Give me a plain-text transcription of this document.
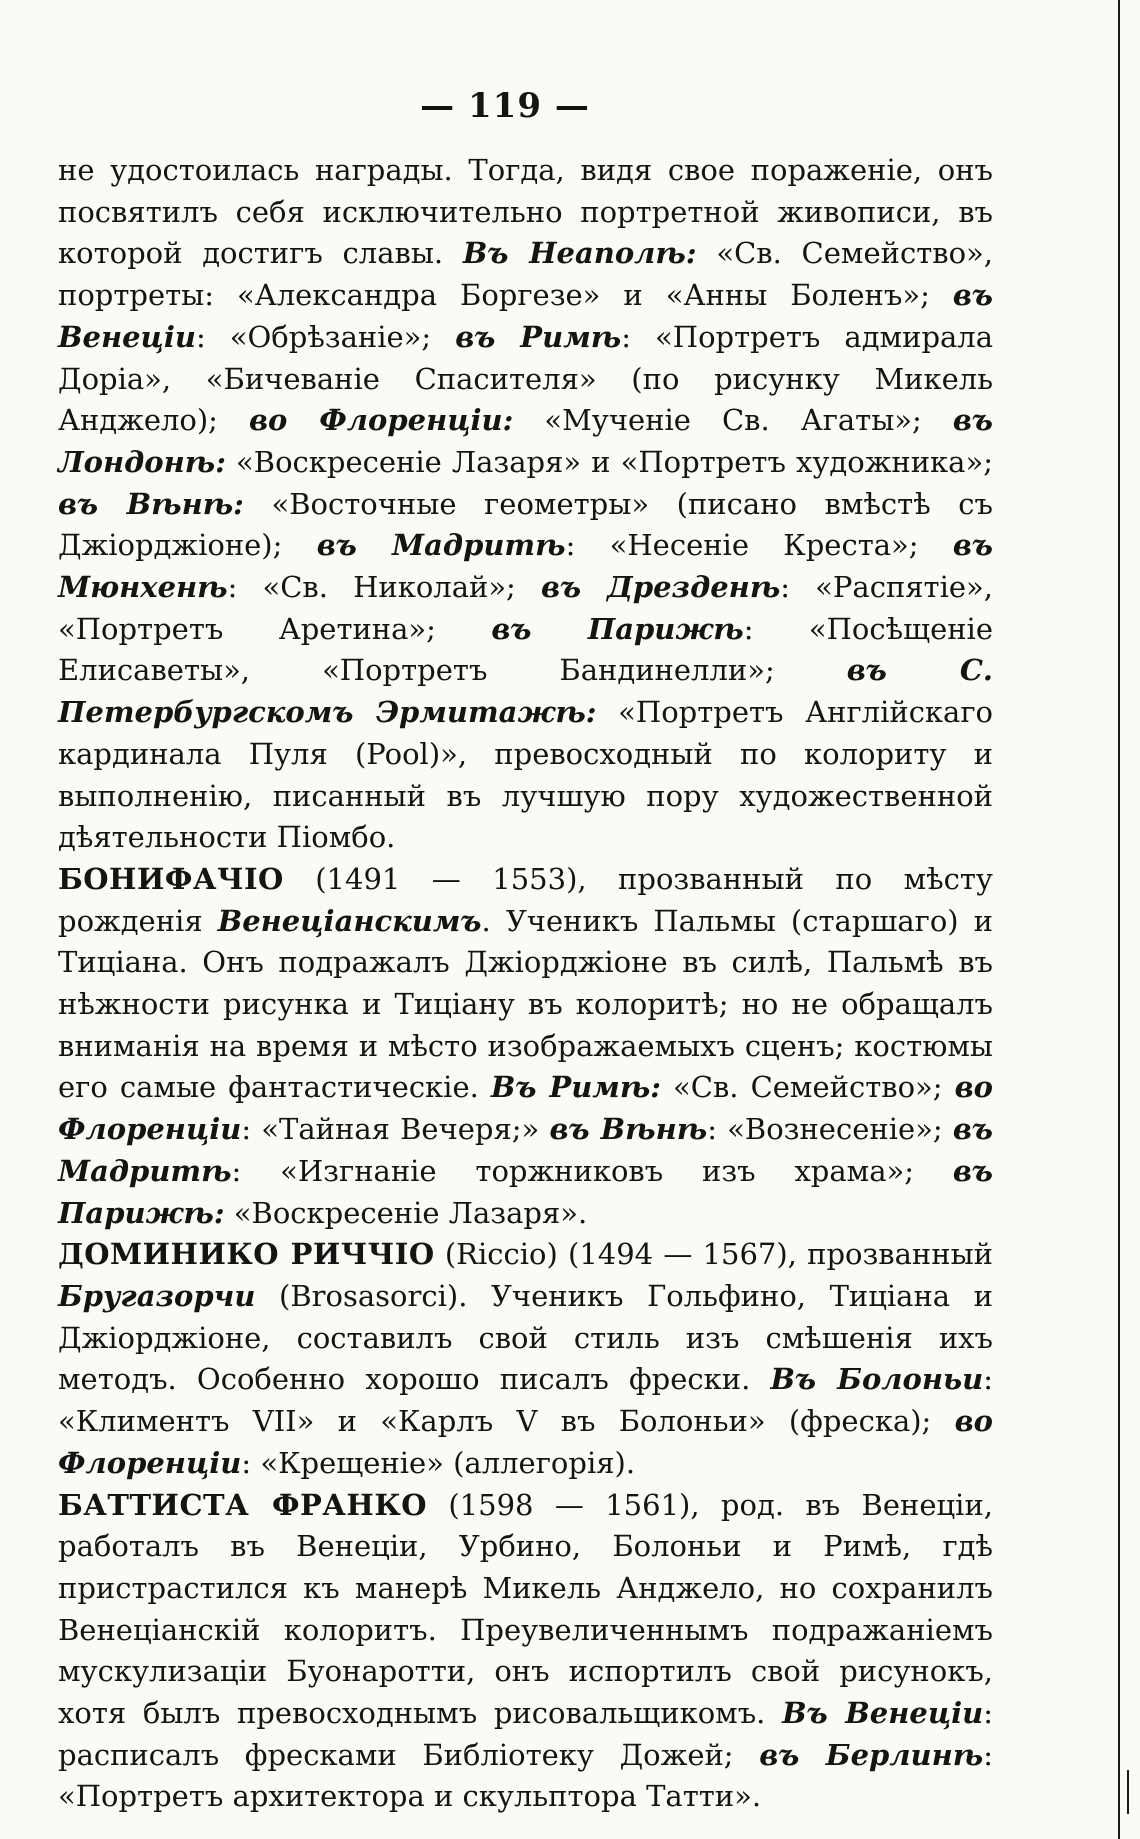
— 119 —

не удостоилась награды. Тогда, видя свое пораженіе, онъ посвятилъ себя исключительно портретной живописи, въ которой достигъ славы. Въ Неаполѣ: «Св. Семейство», портреты: «Александра Боргезе» и «Анны Боленъ»; въ Венеціи: «Обрѣзаніе»; въ Римѣ: «Портретъ адмирала Доріа», «Бичеваніе Спасителя» (по рисунку Микель Анджело); во Флоренціи: «Мученіе Св. Агаты»; въ Лондонѣ: «Воскресеніе Лазаря» и «Портретъ художника»; въ Вѣнѣ: «Восточные геометры» (писано вмѣстѣ съ Джіорджіоне); въ Мадритѣ: «Несеніе Креста»; въ Мюнхенѣ: «Св. Николай»; въ Дрезденѣ: «Распятіе», «Портретъ Аретина»; въ Парижѣ: «Посѣщеніе Елисаветы», «Портретъ Бандинелли»; въ С. Петербургскомъ Эрмитажѣ: «Портретъ Англійскаго кардинала Пуля (Pool)», превосходный по колориту и выполненію, писанный въ лучшую пору художественной дѣятельности Піомбо.

БОНИФАЧІО (1491 — 1553), прозванный по мѣсту рожденія Венеціанскимъ. Ученикъ Пальмы (старшаго) и Тиціана. Онъ подражалъ Джіорджіоне въ силѣ, Пальмѣ въ нѣжности рисунка и Тиціану въ колоритѣ; но не обращалъ вниманія на время и мѣсто изображаемыхъ сценъ; костюмы его самые фантастическіе. Въ Римѣ: «Св. Семейство»; во Флоренціи: «Тайная Вечеря;» въ Вѣнѣ: «Вознесеніе»; въ Мадритѣ: «Изгнаніе торжниковъ изъ храма»; въ Парижѣ: «Воскресеніе Лазаря».

ДОМИНИКО РИЧЧІО (Riccio) (1494 — 1567), прозванный Бругазорчи (Brosasorci). Ученикъ Гольфино, Тиціана и Джіорджіоне, составилъ свой стиль изъ смѣшенія ихъ методъ. Особенно хорошо писалъ фрески. Въ Болоньи: «Климентъ VII» и «Карлъ V въ Болоньи» (фреска); во Флоренціи: «Крещеніе» (аллегорія).

БАТТИСТА ФРАНКО (1598 — 1561), род. въ Венеціи, работалъ въ Венеціи, Урбино, Болоньи и Римѣ, гдѣ пристрастился къ манерѣ Микель Анджело, но сохранилъ Венеціанскій колоритъ. Преувеличеннымъ подражаніемъ мускулизаціи Буонаротти, онъ испортилъ свой рисунокъ, хотя былъ превосходнымъ рисовальщикомъ. Въ Венеціи: расписалъ фресками Библіотеку Дожей; въ Берлинѣ: «Портретъ архитектора и скульптора Татти».
